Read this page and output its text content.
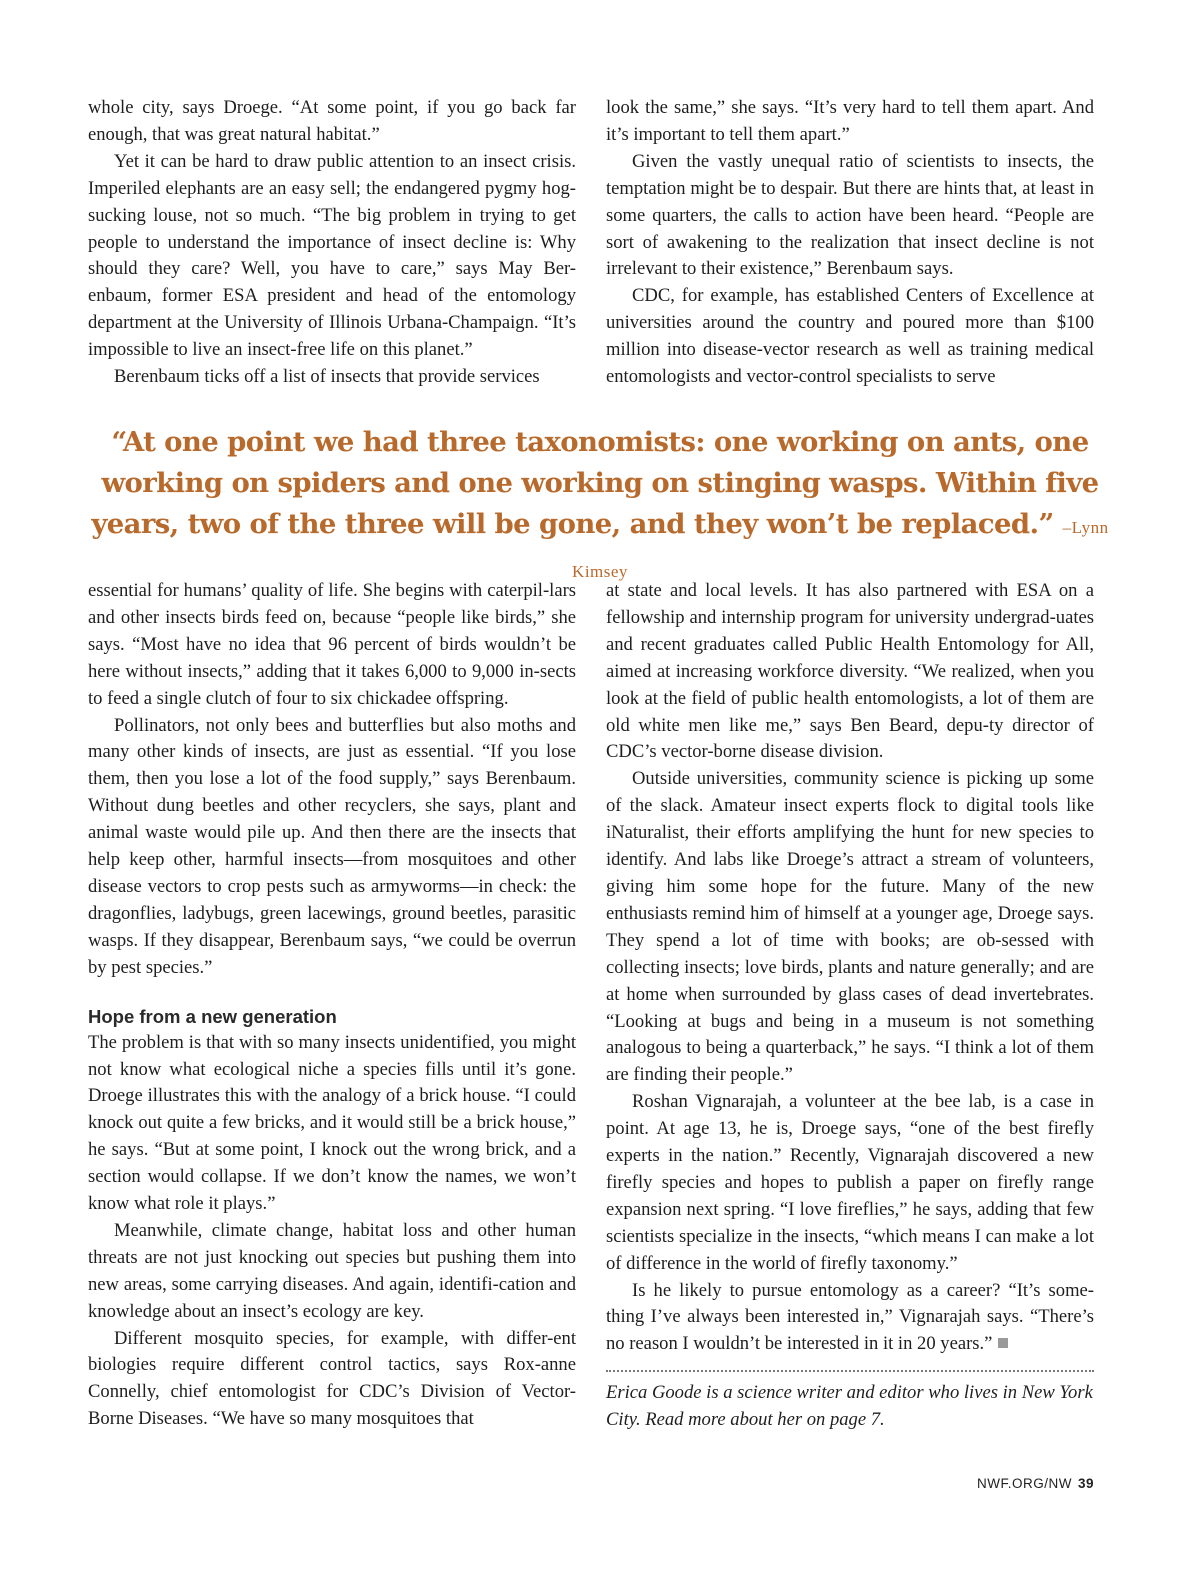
whole city, says Droege. “At some point, if you go back far enough, that was great natural habitat.”

Yet it can be hard to draw public attention to an insect crisis. Imperiled elephants are an easy sell; the endangered pygmy hog-sucking louse, not so much. “The big problem in trying to get people to understand the importance of insect decline is: Why should they care? Well, you have to care,” says May Ber-enbaum, former ESA president and head of the entomology department at the University of Illinois Urbana-Champaign. “It’s impossible to live an insect-free life on this planet.”

Berenbaum ticks off a list of insects that provide services

look the same,” she says. “It’s very hard to tell them apart. And it’s important to tell them apart.”

Given the vastly unequal ratio of scientists to insects, the temptation might be to despair. But there are hints that, at least in some quarters, the calls to action have been heard. “People are sort of awakening to the realization that insect decline is not irrelevant to their existence,” Berenbaum says.

CDC, for example, has established Centers of Excellence at universities around the country and poured more than $100 million into disease-vector research as well as training medical entomologists and vector-control specialists to serve

“At one point we had three taxonomists: one working on ants, one working on spiders and one working on stinging wasps. Within five years, two of the three will be gone, and they won’t be replaced.” –Lynn Kimsey

essential for humans’ quality of life. She begins with caterpil-lars and other insects birds feed on, because “people like birds,” she says. “Most have no idea that 96 percent of birds wouldn’t be here without insects,” adding that it takes 6,000 to 9,000 in-sects to feed a single clutch of four to six chickadee offspring.

Pollinators, not only bees and butterflies but also moths and many other kinds of insects, are just as essential. “If you lose them, then you lose a lot of the food supply,” says Berenbaum. Without dung beetles and other recyclers, she says, plant and animal waste would pile up. And then there are the insects that help keep other, harmful insects—from mosquitoes and other disease vectors to crop pests such as armyworms—in check: the dragonflies, ladybugs, green lacewings, ground beetles, parasitic wasps. If they disappear, Berenbaum says, “we could be overrun by pest species.”

Hope from a new generation

The problem is that with so many insects unidentified, you might not know what ecological niche a species fills until it’s gone. Droege illustrates this with the analogy of a brick house. “I could knock out quite a few bricks, and it would still be a brick house,” he says. “But at some point, I knock out the wrong brick, and a section would collapse. If we don’t know the names, we won’t know what role it plays.”

Meanwhile, climate change, habitat loss and other human threats are not just knocking out species but pushing them into new areas, some carrying diseases. And again, identifi-cation and knowledge about an insect’s ecology are key.

Different mosquito species, for example, with differ-ent biologies require different control tactics, says Rox-anne Connelly, chief entomologist for CDC’s Division of Vector-Borne Diseases. “We have so many mosquitoes that

at state and local levels. It has also partnered with ESA on a fellowship and internship program for university undergrad-uates and recent graduates called Public Health Entomology for All, aimed at increasing workforce diversity. “We realized, when you look at the field of public health entomologists, a lot of them are old white men like me,” says Ben Beard, depu-ty director of CDC’s vector-borne disease division.

Outside universities, community science is picking up some of the slack. Amateur insect experts flock to digital tools like iNaturalist, their efforts amplifying the hunt for new species to identify. And labs like Droege’s attract a stream of volunteers, giving him some hope for the future. Many of the new enthusiasts remind him of himself at a younger age, Droege says. They spend a lot of time with books; are ob-sessed with collecting insects; love birds, plants and nature generally; and are at home when surrounded by glass cases of dead invertebrates. “Looking at bugs and being in a museum is not something analogous to being a quarterback,” he says. “I think a lot of them are finding their people.”

Roshan Vignarajah, a volunteer at the bee lab, is a case in point. At age 13, he is, Droege says, “one of the best firefly experts in the nation.” Recently, Vignarajah discovered a new firefly species and hopes to publish a paper on firefly range expansion next spring. “I love fireflies,” he says, adding that few scientists specialize in the insects, “which means I can make a lot of difference in the world of firefly taxonomy.”

Is he likely to pursue entomology as a career? “It’s some-thing I’ve always been interested in,” Vignarajah says. “There’s no reason I wouldn’t be interested in it in 20 years.”

Erica Goode is a science writer and editor who lives in New York City. Read more about her on page 7.

NWF.ORG/NW 39
